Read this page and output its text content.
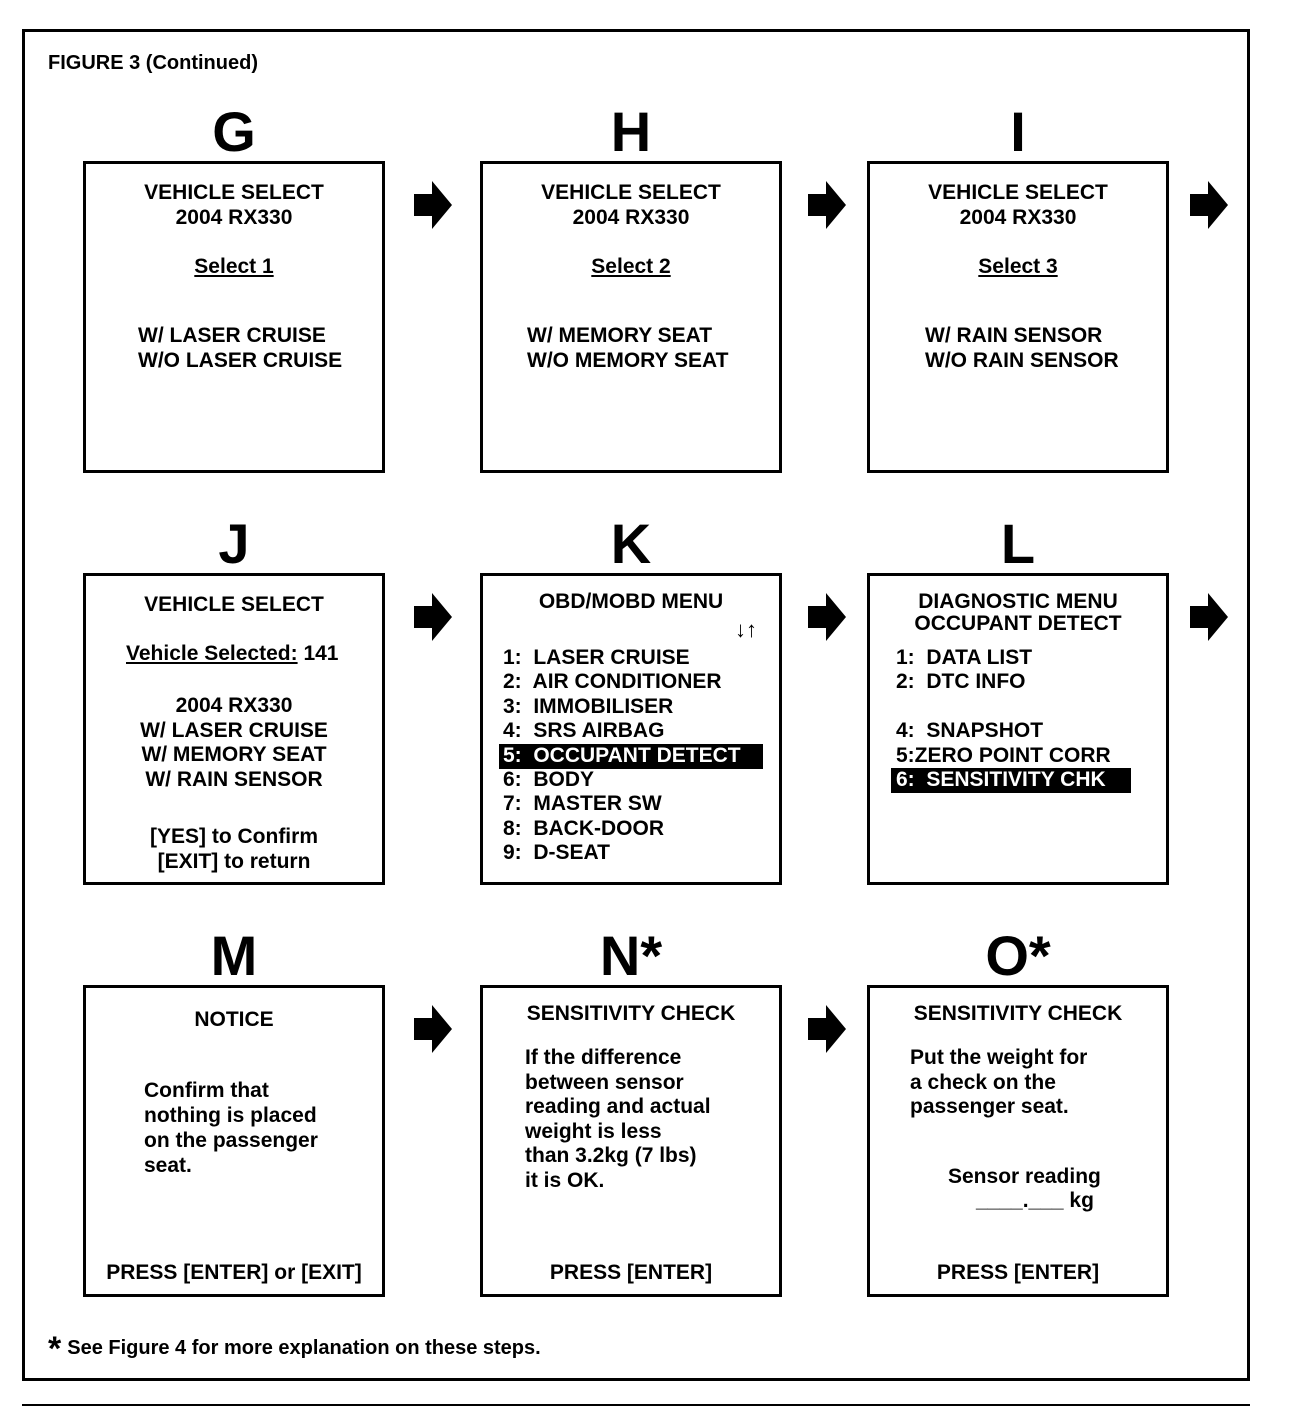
FIGURE 3 (Continued)
G	H	I
VEHICLE SELECT
2004 RX330
Select 1
W/ LASER CRUISE
W/O LASER CRUISE
VEHICLE SELECT
2004 RX330
Select 2
W/ MEMORY SEAT
W/O MEMORY SEAT
VEHICLE SELECT
2004 RX330
Select 3
W/ RAIN SENSOR
W/O RAIN SENSOR
J	K	L
VEHICLE SELECT
Vehicle Selected: 141
2004 RX330
W/ LASER CRUISE
W/ MEMORY SEAT
W/ RAIN SENSOR
[YES] to Confirm
[EXIT] to return
OBD/MOBD MENU
↓↑
1:  LASER CRUISE
2:  AIR CONDITIONER
3:  IMMOBILISER
4:  SRS AIRBAG
5:  OCCUPANT DETECT
6:  BODY
7:  MASTER SW
8:  BACK-DOOR
9:  D-SEAT
DIAGNOSTIC MENU
OCCUPANT DETECT
1:  DATA LIST
2:  DTC INFO
4:  SNAPSHOT
5:ZERO POINT CORR
6:  SENSITIVITY CHK
M	N*	O*
NOTICE
Confirm that
nothing is placed
on the passenger
seat.
PRESS [ENTER] or [EXIT]
SENSITIVITY CHECK
If the difference
between sensor
reading and actual
weight is less
than 3.2kg (7 lbs)
it is OK.
PRESS [ENTER]
SENSITIVITY CHECK
Put the weight for
a check on the
passenger seat.
Sensor reading
____.___ kg
PRESS [ENTER]
* See Figure 4 for more explanation on these steps.
